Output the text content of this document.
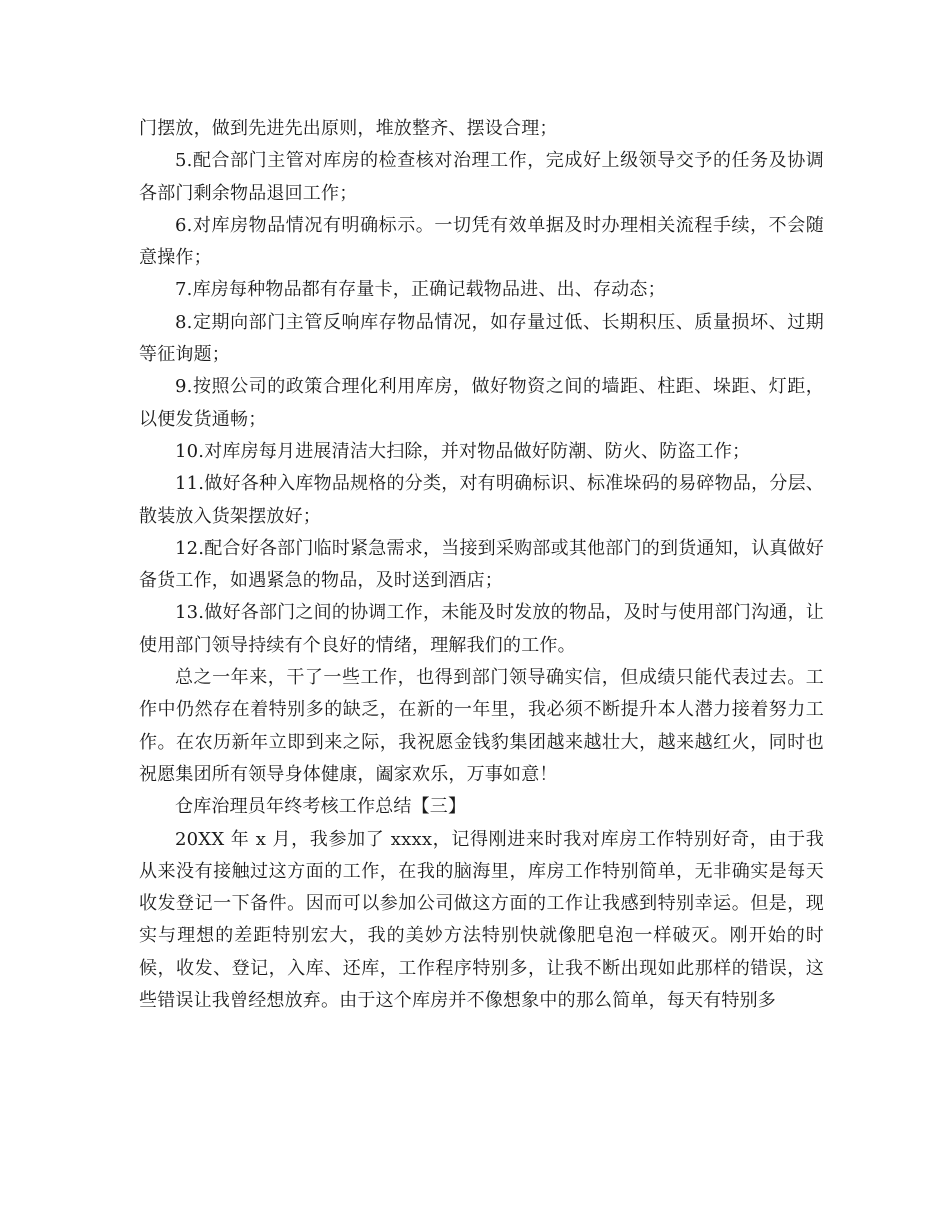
门摆放，做到先进先出原则，堆放整齐、摆设合理；

5.配合部门主管对库房的检查核对治理工作，完成好上级领导交予的任务及协调各部门剩余物品退回工作；

6.对库房物品情况有明确标示。一切凭有效单据及时办理相关流程手续，不会随意操作；

7.库房每种物品都有存量卡，正确记载物品进、出、存动态；

8.定期向部门主管反响库存物品情况，如存量过低、长期积压、质量损坏、过期等征询题；

9.按照公司的政策合理化利用库房，做好物资之间的墙距、柱距、垛距、灯距，以便发货通畅；

10.对库房每月进展清洁大扫除，并对物品做好防潮、防火、防盗工作；

11.做好各种入库物品规格的分类，对有明确标识、标准垛码的易碎物品，分层、散装放入货架摆放好；

12.配合好各部门临时紧急需求，当接到采购部或其他部门的到货通知，认真做好备货工作，如遇紧急的物品，及时送到酒店；

13.做好各部门之间的协调工作，未能及时发放的物品，及时与使用部门沟通，让使用部门领导持续有个良好的情绪，理解我们的工作。

总之一年来，干了一些工作，也得到部门领导确实信，但成绩只能代表过去。工作中仍然存在着特别多的缺乏，在新的一年里，我必须不断提升本人潜力接着努力工作。在农历新年立即到来之际，我祝愿金钱豹集团越来越壮大，越来越红火，同时也祝愿集团所有领导身体健康，阖家欢乐，万事如意！

仓库治理员年终考核工作总结【三】

20XX 年 x 月，我参加了 xxxx，记得刚进来时我对库房工作特别好奇，由于我从来没有接触过这方面的工作，在我的脑海里，库房工作特别简单，无非确实是每天收发登记一下备件。因而可以参加公司做这方面的工作让我感到特别幸运。但是，现实与理想的差距特别宏大，我的美妙方法特别快就像肥皂泡一样破灭。刚开始的时候，收发、登记，入库、还库，工作程序特别多，让我不断出现如此那样的错误，这些错误让我曾经想放弃。由于这个库房并不像想象中的那么简单，每天有特别多
